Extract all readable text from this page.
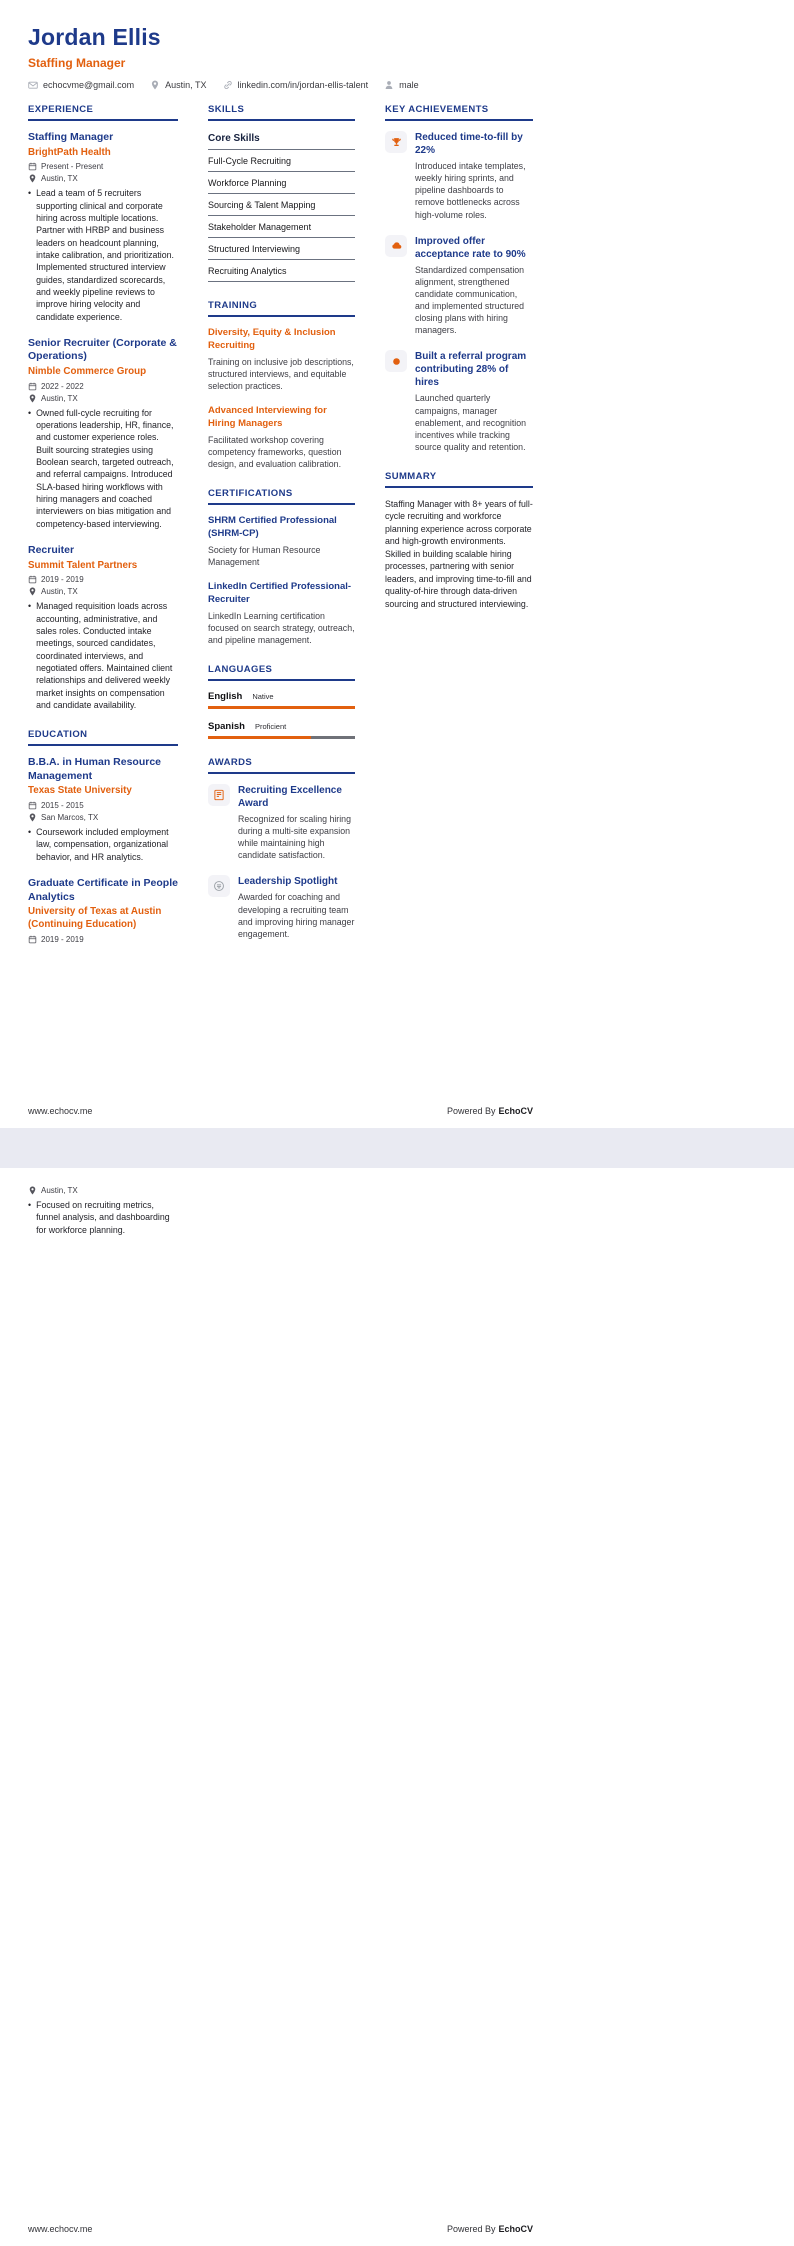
Jordan Ellis
Staffing Manager
echocvme@gmail.com	Austin, TX	linkedin.com/in/jordan-ellis-talent	male
EXPERIENCE
Staffing Manager
BrightPath Health
Present - Present
Austin, TX
• Lead a team of 5 recruiters supporting clinical and corporate hiring across multiple locations. Partner with HRBP and business leaders on headcount planning, intake calibration, and prioritization. Implemented structured interview guides, standardized scorecards, and weekly pipeline reviews to improve hiring velocity and candidate experience.
Senior Recruiter (Corporate & Operations)
Nimble Commerce Group
2022 - 2022
Austin, TX
• Owned full-cycle recruiting for operations leadership, HR, finance, and customer experience roles. Built sourcing strategies using Boolean search, targeted outreach, and referral campaigns. Introduced SLA-based hiring workflows with hiring managers and coached interviewers on bias mitigation and competency-based interviewing.
Recruiter
Summit Talent Partners
2019 - 2019
Austin, TX
• Managed requisition loads across accounting, administrative, and sales roles. Conducted intake meetings, sourced candidates, coordinated interviews, and negotiated offers. Maintained client relationships and delivered weekly market insights on compensation and candidate availability.
EDUCATION
B.B.A. in Human Resource Management
Texas State University
2015 - 2015
San Marcos, TX
• Coursework included employment law, compensation, organizational behavior, and HR analytics.
Graduate Certificate in People Analytics
University of Texas at Austin (Continuing Education)
2019 - 2019
SKILLS
Core Skills
Full-Cycle Recruiting
Workforce Planning
Sourcing & Talent Mapping
Stakeholder Management
Structured Interviewing
Recruiting Analytics
TRAINING
Diversity, Equity & Inclusion Recruiting
Training on inclusive job descriptions, structured interviews, and equitable selection practices.
Advanced Interviewing for Hiring Managers
Facilitated workshop covering competency frameworks, question design, and evaluation calibration.
CERTIFICATIONS
SHRM Certified Professional (SHRM-CP)
Society for Human Resource Management
LinkedIn Certified Professional-Recruiter
LinkedIn Learning certification focused on search strategy, outreach, and pipeline management.
LANGUAGES
English Native
Spanish Proficient
AWARDS
Recruiting Excellence Award
Recognized for scaling hiring during a multi-site expansion while maintaining high candidate satisfaction.
Leadership Spotlight
Awarded for coaching and developing a recruiting team and improving hiring manager engagement.
KEY ACHIEVEMENTS
Reduced time-to-fill by 22%
Introduced intake templates, weekly hiring sprints, and pipeline dashboards to remove bottlenecks across high-volume roles.
Improved offer acceptance rate to 90%
Standardized compensation alignment, strengthened candidate communication, and implemented structured closing plans with hiring managers.
Built a referral program contributing 28% of hires
Launched quarterly campaigns, manager enablement, and recognition incentives while tracking source quality and retention.
SUMMARY
Staffing Manager with 8+ years of full-cycle recruiting and workforce planning experience across corporate and high-growth environments. Skilled in building scalable hiring processes, partnering with senior leaders, and improving time-to-fill and quality-of-hire through data-driven sourcing and structured interviewing.
www.echocv.me	Powered By EchoCV
Austin, TX
• Focused on recruiting metrics, funnel analysis, and dashboarding for workforce planning.
www.echocv.me	Powered By EchoCV
